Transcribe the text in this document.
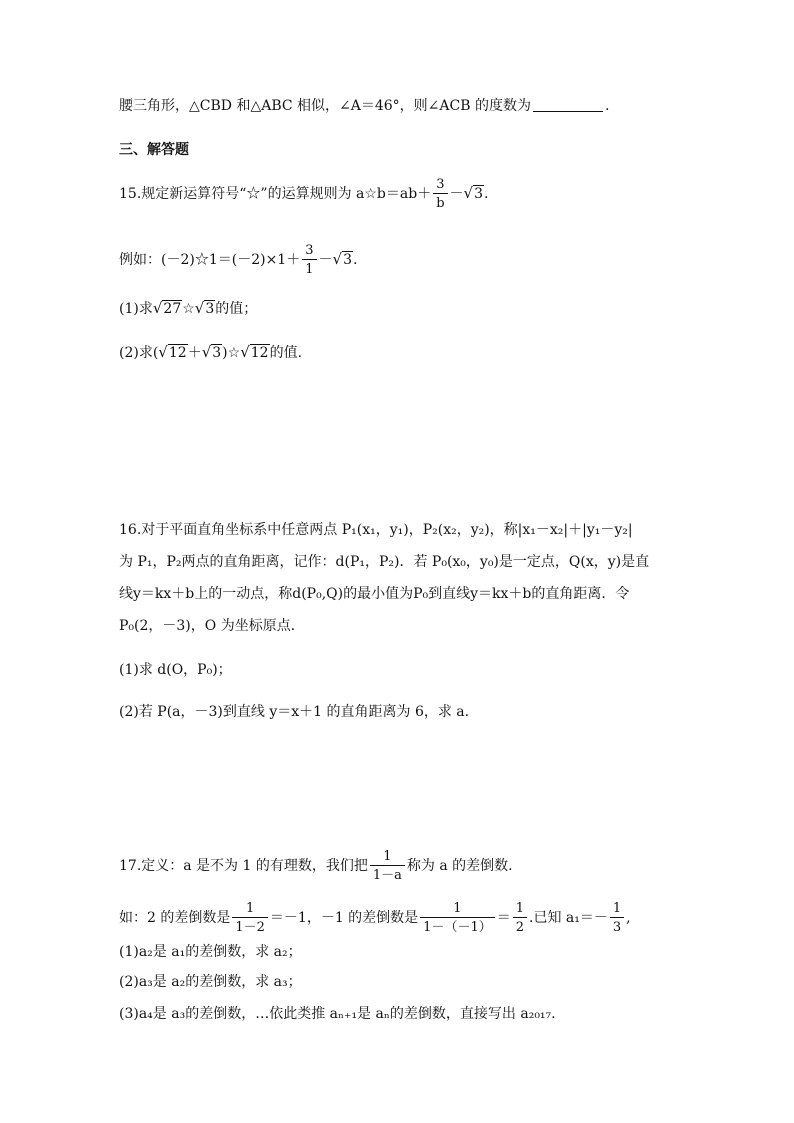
腰三角形，△CBD 和△ABC 相似，∠A＝46°，则∠ACB 的度数为	.
三、解答题
15.规定新运算符号“☆”的运算规则为 a☆b＝ab＋ $\frac{3}{b} -√3$.
例如：(－2)☆1＝(－2)×1＋ $\frac{3}{1} -√3$.
(1)求√27☆√3的值；
(2)求(√12＋√3)☆√12的值.
16.对于平面直角坐标系中任意两点 P₁(x₁，y₁)，P₂(x₂，y₂)，称|x₁－x₂|＋|y₁－y₂|
为 P₁，P₂两点的直角距离，记作：d(P₁，P₂)．若 P₀(x₀，y₀)是一定点，Q(x，y)是直
线y＝kx＋b上的一动点，称d(P₀,Q)的最小值为P₀到直线y＝kx＋b的直角距离．令
P₀(2，－3)，O 为坐标原点．
(1)求 d(O，P₀)；
(2)若 P(a，－3)到直线 y＝x＋1 的直角距离为 6，求 a.
17.定义：a 是不为 1 的有理数，我们把 $\frac{1}{1-a}$ 称为 a 的差倒数.
如：2 的差倒数是 $\frac{1}{1-2} =-1$，－1 的差倒数是 $\frac{1}{1-(-1)} = \frac{1}{2}$ .已知 $a_1=- \frac{1}{3}$ ,
(1)a₂是 a₁的差倒数，求 a₂；
(2)a₃是 a₂的差倒数，求 a₃；
(3)a₄是 a₃的差倒数，…依此类推 aₙ₊₁是 aₙ的差倒数，直接写出 a₂₀₁₇.
